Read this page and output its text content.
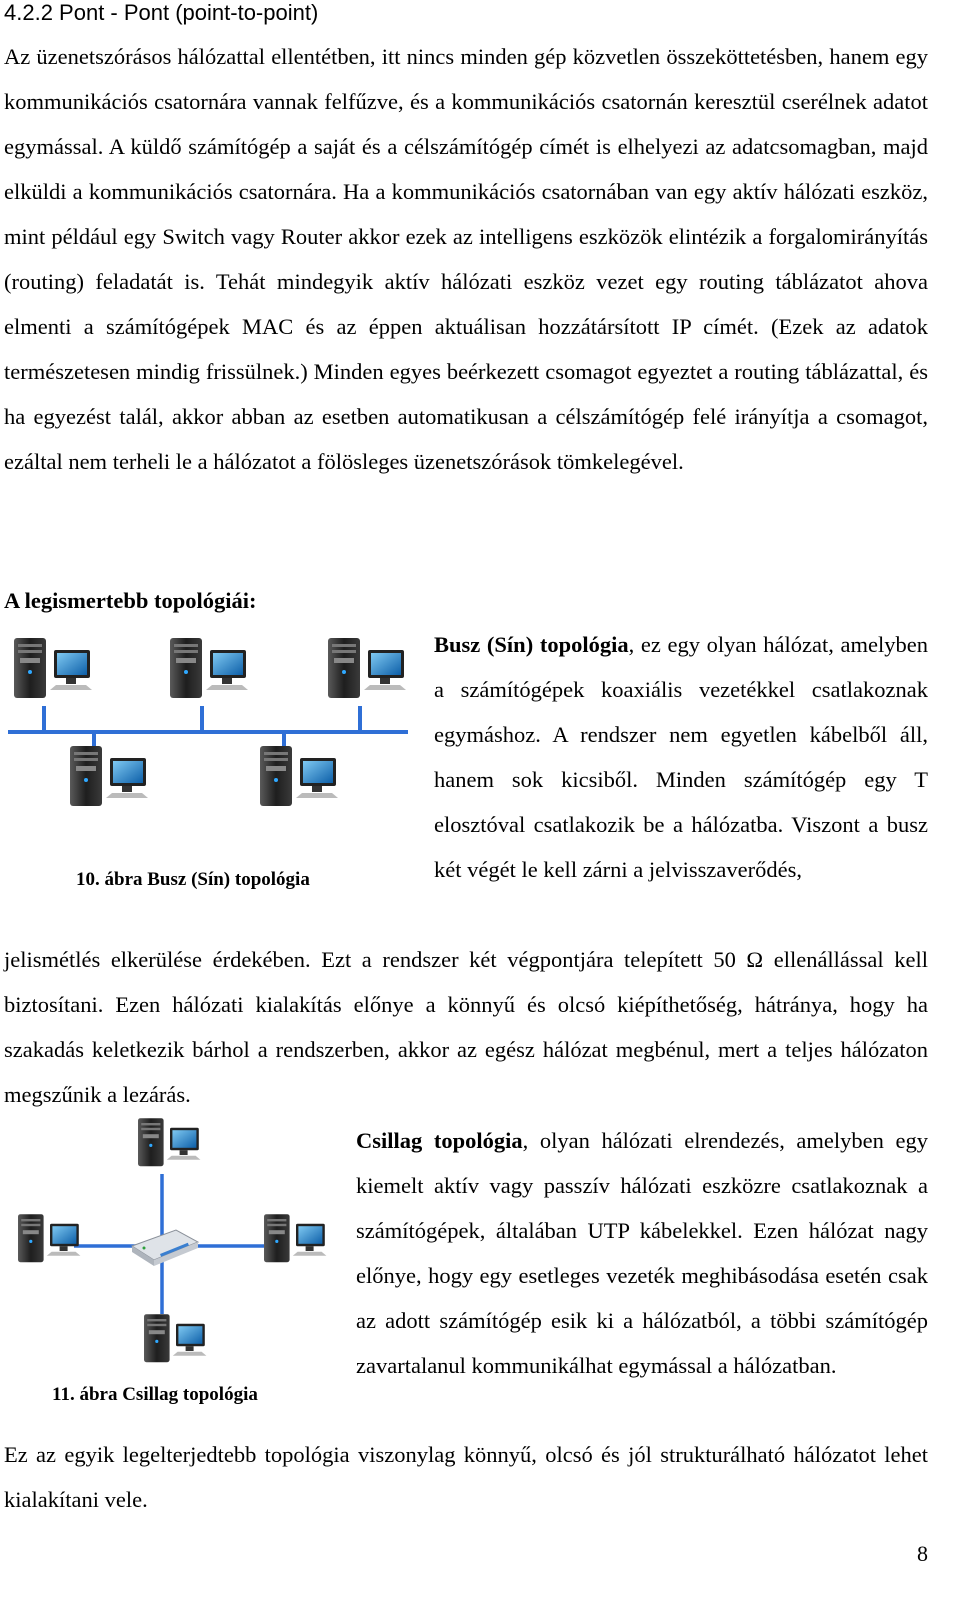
4.2.2 Pont - Pont (point-to-point)

Az üzenetszórásos hálózattal ellentétben, itt nincs minden gép közvetlen összeköttetésben, hanem egy kommunikációs csatornára vannak felfűzve, és a kommunikációs csatornán keresztül cserélnek adatot egymással. A küldő számítógép a saját és a célszámítógép címét is elhelyezi az adatcsomagban, majd elküldi a kommunikációs csatornára. Ha a kommunikációs csatornában van egy aktív hálózati eszköz, mint például egy Switch vagy Router akkor ezek az intelligens eszközök elintézik a forgalomirányítás (routing) feladatát is. Tehát mindegyik aktív hálózati eszköz vezet egy routing táblázatot ahova elmenti a számítógépek MAC és az éppen aktuálisan hozzátársított IP címét. (Ezek az adatok természetesen mindig frissülnek.) Minden egyes beérkezett csomagot egyeztet a routing táblázattal, és ha egyezést talál, akkor abban az esetben automatikusan a célszámítógép felé irányítja a csomagot, ezáltal nem terheli le a hálózatot a fölösleges üzenetszórások tömkelegével.

A legismertebb topológiái:

10. ábra Busz (Sín) topológia

Busz (Sín) topológia, ez egy olyan hálózat, amelyben a számítógépek koaxiális vezetékkel csatlakoznak egymáshoz. A rendszer nem egyetlen kábelből áll, hanem sok kicsiből. Minden számítógép egy T elosztóval csatlakozik be a hálózatba. Viszont a busz két végét le kell zárni a jelvisszaverődés,

jelismétlés elkerülése érdekében. Ezt a rendszer két végpontjára telepített 50 Ω ellenállással kell biztosítani. Ezen hálózati kialakítás előnye a könnyű és olcsó kiépíthetőség, hátránya, hogy ha szakadás keletkezik bárhol a rendszerben, akkor az egész hálózat megbénul, mert a teljes hálózaton megszűnik a lezárás.

11. ábra Csillag topológia

Csillag topológia, olyan hálózati elrendezés, amelyben egy kiemelt aktív vagy passzív hálózati eszközre csatlakoznak a számítógépek, általában UTP kábelekkel. Ezen hálózat nagy előnye, hogy egy esetleges vezeték meghibásodása esetén csak az adott számítógép esik ki a hálózatból, a többi számítógép zavartalanul kommunikálhat egymással a hálózatban.

Ez az egyik legelterjedtebb topológia viszonylag könnyű, olcsó és jól strukturálható hálózatot lehet kialakítani vele.

8
